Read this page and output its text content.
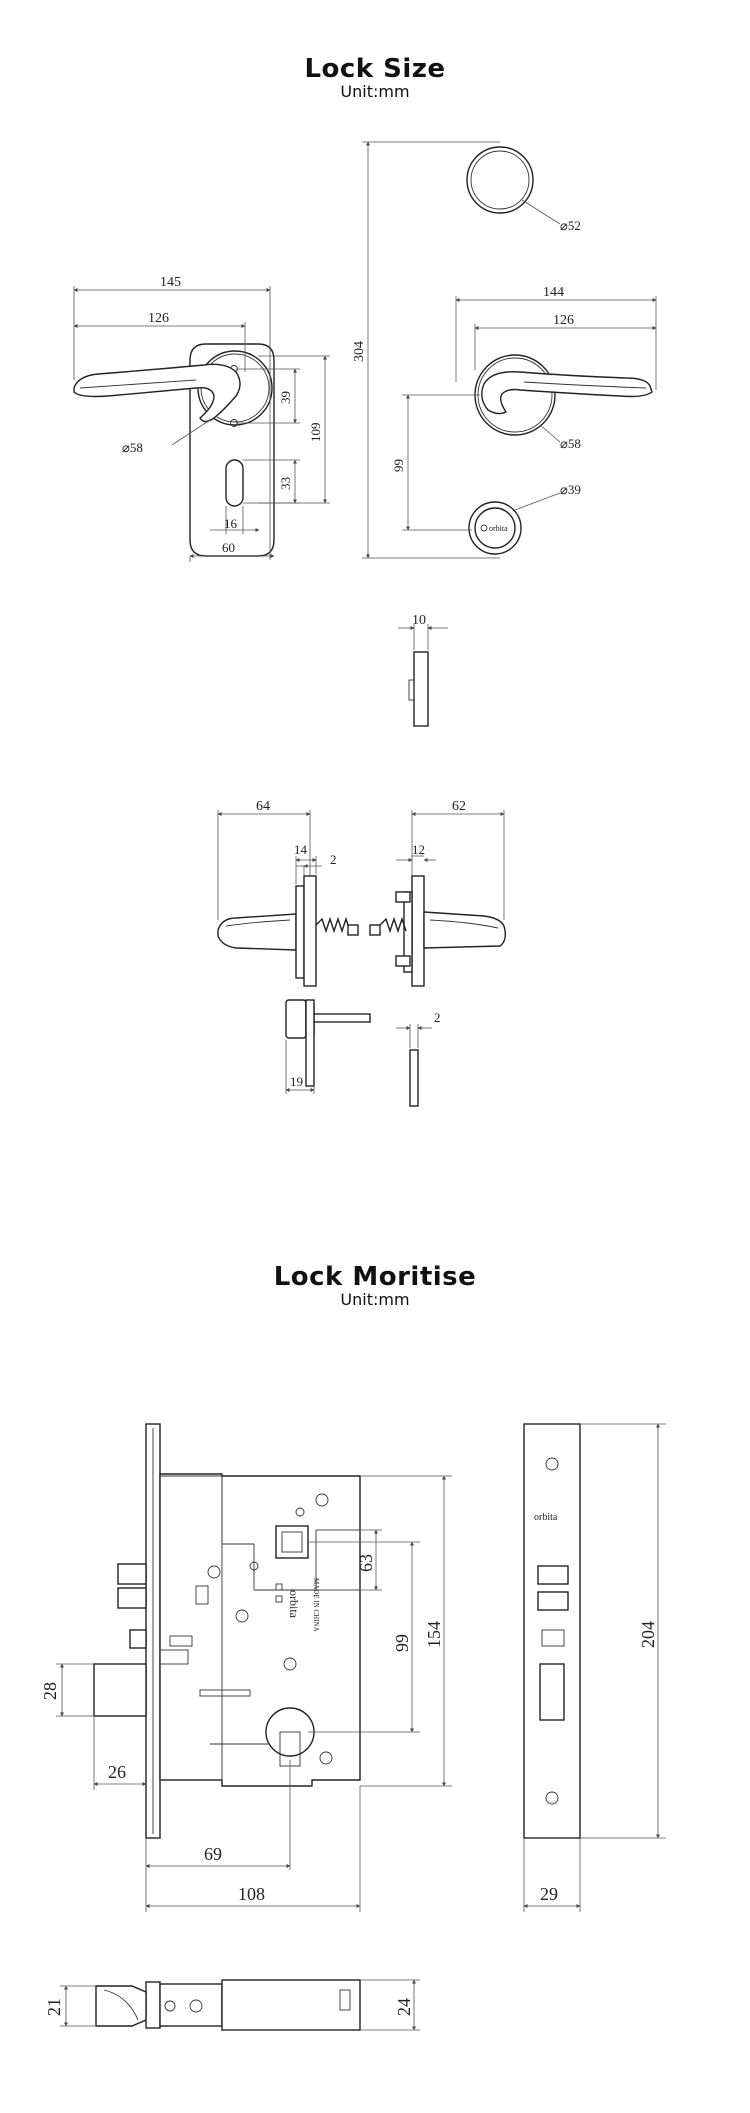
Lock Size
Unit:mm
Lock Moritise
Unit:mm
orbita
145
126
⌀58
39
109
33
16
60
304
⌀52
144
126
⌀58
99
⌀39
10
64
14
2
62
12
19
2
orbita MADE IN CHINA
orbita
63
99 154	204
28
26
69
108	29
21	24
